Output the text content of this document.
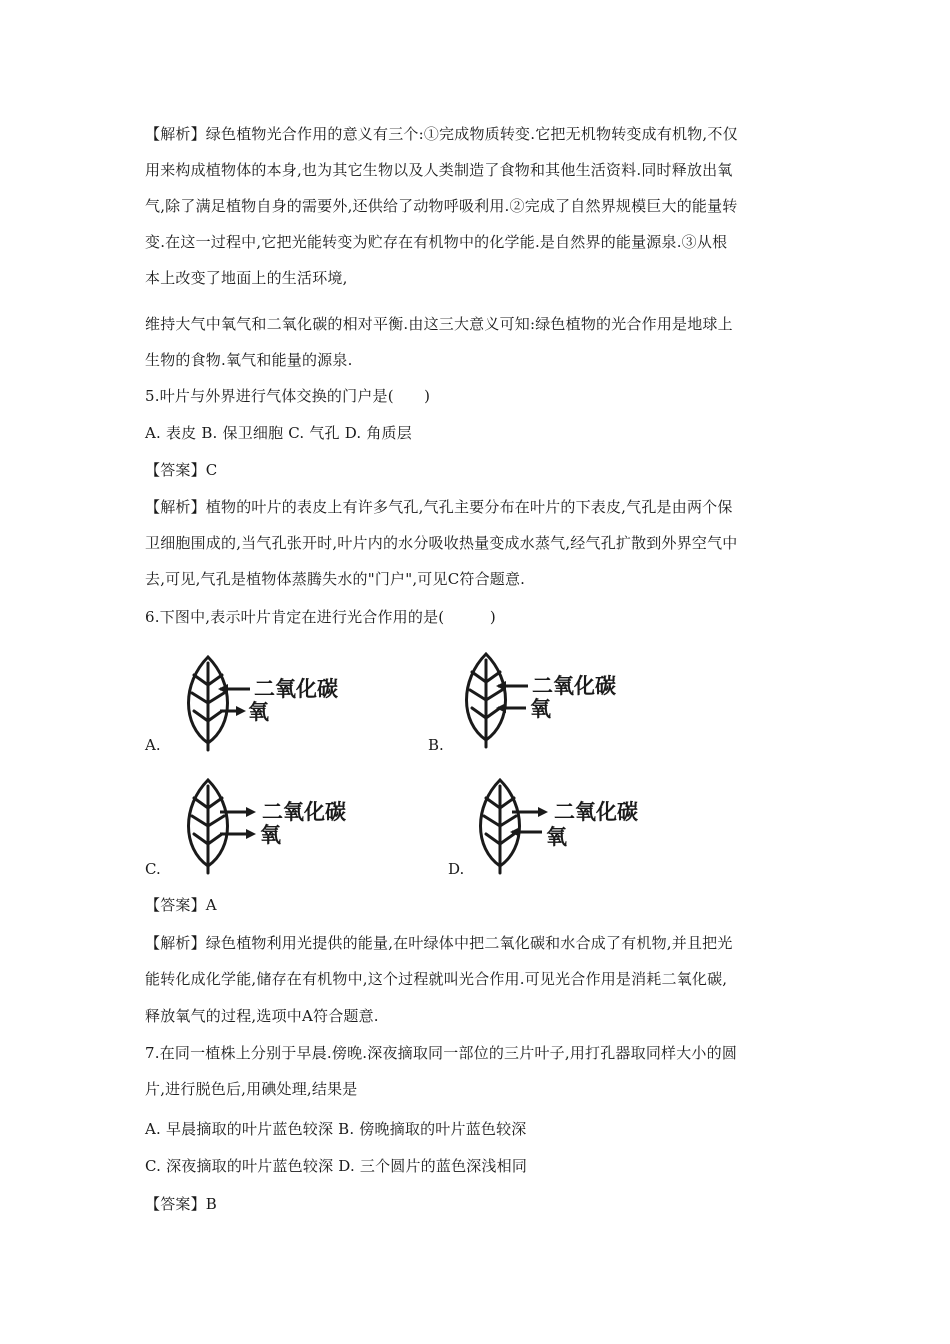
【解析】绿色植物光合作用的意义有三个:①完成物质转变.它把无机物转变成有机物,不仅
用来构成植物体的本身,也为其它生物以及人类制造了食物和其他生活资料.同时释放出氧
气,除了满足植物自身的需要外,还供给了动物呼吸利用.②完成了自然界规模巨大的能量转
变.在这一过程中,它把光能转变为贮存在有机物中的化学能.是自然界的能量源泉.③从根
本上改变了地面上的生活环境,
维持大气中氧气和二氧化碳的相对平衡.由这三大意义可知:绿色植物的光合作用是地球上
生物的食物.氧气和能量的源泉.
5.叶片与外界进行气体交换的门户是(　　)
A. 表皮 B. 保卫细胞 C. 气孔 D. 角质层
【答案】C
【解析】植物的叶片的表皮上有许多气孔,气孔主要分布在叶片的下表皮,气孔是由两个保
卫细胞围成的,当气孔张开时,叶片内的水分吸收热量变成水蒸气,经气孔扩散到外界空气中
去,可见,气孔是植物体蒸腾失水的"门户",可见C符合题意.
6.下图中,表示叶片肯定在进行光合作用的是(　　　)
A.
二氧化碳
氧
B.
二氧化碳
氧
C.
二氧化碳
氧
D.
二氧化碳
氧
【答案】A
【解析】绿色植物利用光提供的能量,在叶绿体中把二氧化碳和水合成了有机物,并且把光
能转化成化学能,储存在有机物中,这个过程就叫光合作用.可见光合作用是消耗二氧化碳,
释放氧气的过程,选项中A符合题意.
7.在同一植株上分别于早晨.傍晚.深夜摘取同一部位的三片叶子,用打孔器取同样大小的圆
片,进行脱色后,用碘处理,结果是
A. 早晨摘取的叶片蓝色较深 B. 傍晚摘取的叶片蓝色较深
C. 深夜摘取的叶片蓝色较深 D. 三个圆片的蓝色深浅相同
【答案】B
